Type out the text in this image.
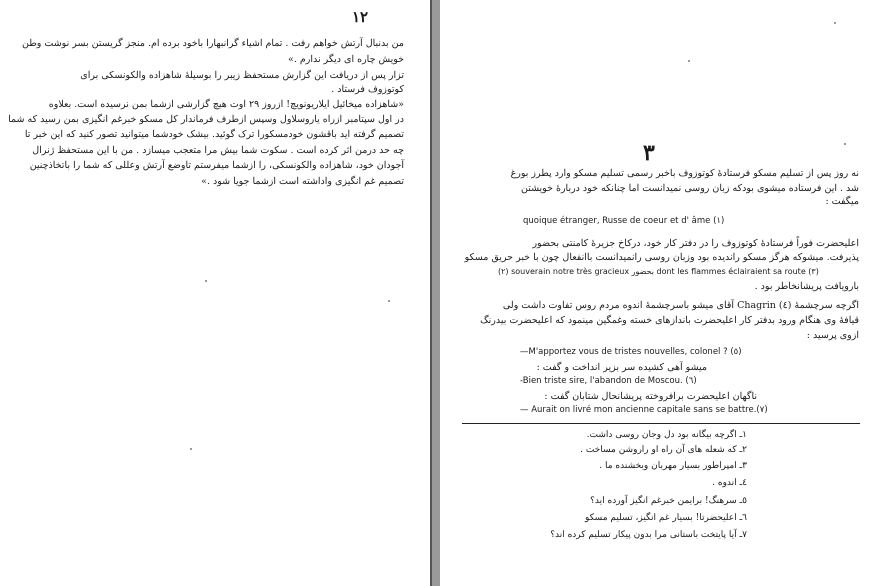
١٢
من بدنبال آرتش خواهم رفت . تمام اشیاء گرانبهارا باخود برده ام. منجز گریستن بسر نوشت وطن
خویش چاره ای دیگر ندارم .»
تزار پس از دریافت این گزارش مستحفظ زیبر را بوسیلهٔ شاهزاده والکونسکی برای
کوتوزوف فرستاد .
«شاهزاده میخائیل ایلاریونویچ! ازروز ۲۹ اوت هیچ گزارشی ازشما بمن نرسیده است. بعلاوه
در اول سپتامبر ازراه یاروسلاول وسپس ازطرف فرماندار کل مسکو خبرغم انگیزی بمن رسید که شما
تصمیم گرفته اید باقشون خودمسکورا ترک گوئید. بیشک خودشما میتوانید تصور کنید که این خبر تا
چه حد درمن اثر کرده است . سکوت شما بیش مرا متعجب میسازد . من با این مستحفظ ژنرال
آجودان خود، شاهزاده والکونسکی، را ازشما میفرستم تاوضع آرتش وعللی که شما را باتخاذچنین
تصمیم غم انگیزی واداشته است ازشما جویا شود .»
٣
نه روز پس از تسلیم مسکو فرستادهٔ کوتوزوف باخبر رسمی تسلیم مسکو وارد پطرز بورغ
شد . این فرستاده میشوی بودکه زبان روسی نمیدانست اما چنانکه خود دربارهٔ خویشتن
میگفت :
quoique étranger, Russe de coeur et d' âme (١)
اعلیحضرت فوراً فرستادهٔ کوتوزوف را در دفتر کار خود، درکاخ جزیرهٔ کامنتی بحضور
پذیرفت. میشوکه هرگز مسکو راندیده بود وزبان روسی رانمیدانست باانفعال چون با خبر حریق مسکو
(٢) souverain notre très gracieux بحضور dont les flammes éclairaient sa route (٣)
بارویافت پریشانخاطر بود .
اگرچه سرچشمهٔ (٤) Chagrin آقای میشو باسرچشمهٔ اندوه مردم روس تفاوت داشت ولی
قیافهٔ وی هنگام ورود بدفتر کار اعلیحضرت باندازهای خسته وغمگین مینمود که اعلیحضرت بیدرنگ
ازوی پرسید :
—M'apportez vous de tristes nouvelles, colonel ? (٥)
میشو آهی کشیده سر بزیر انداخت و گفت :
-Bien triste sire, l'abandon de Moscou. (٦)
ناگهان اعلیحضرت برافروخته پریشانحال شتابان گفت :
— Aurait on livré mon ancienne capitale sans se battre.(٧)
١ـ اگرچه بیگانه بود دل وجان روسی داشت.
٢ـ که شعله های آن راه او راروشن مساخت .
٣ـ امپراطور بسیار مهربان وبخشنده ما .
٤ـ اندوه .
٥ـ سرهنگ! برایمن خبرغم انگیز آورده اید؟
٦ـ اعلیحضرتا! بسیار غم انگیز، تسلیم مسکو
٧ـ آیا پایتخت باستانی مرا بدون پیکار تسلیم کرده اند؟
